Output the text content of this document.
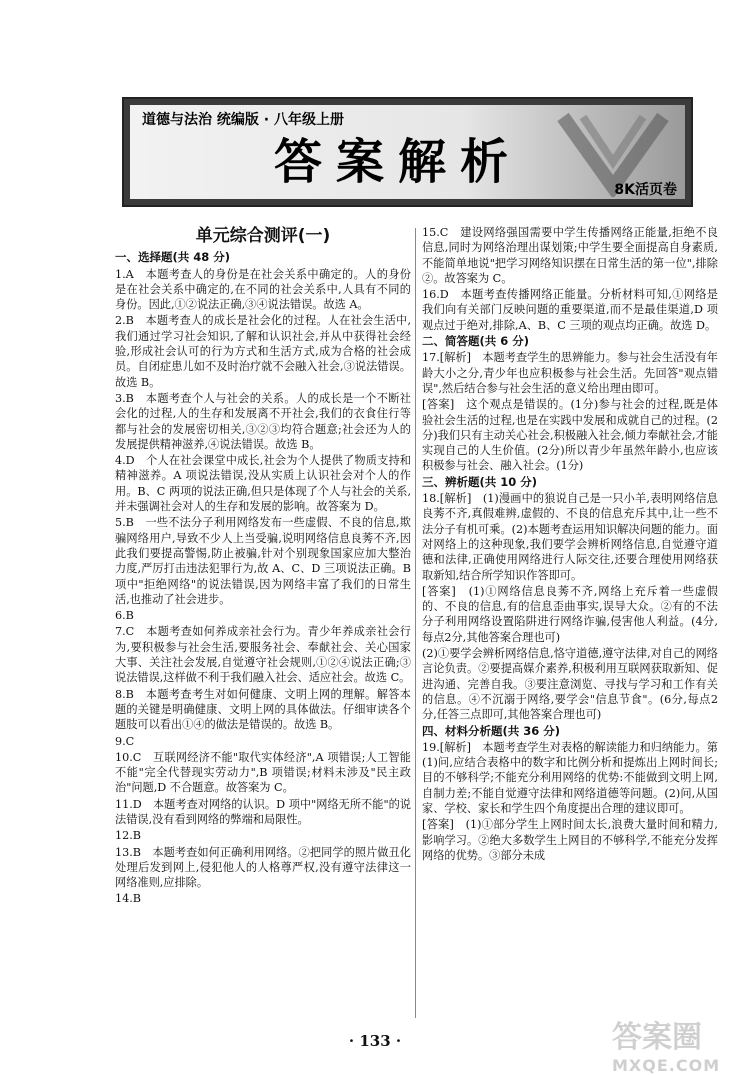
道德与法治 统编版 · 八年级上册
答案解析	8K活页卷
单元综合测评(一)
一、选择题(共 48 分)
1.A　本题考查人的身份是在社会关系中确定的。人的身份是在社会关系中确定的,在不同的社会关系中,人具有不同的身份。因此,①②说法正确,③④说法错误。故选 A。
2.B　本题考查人的成长是社会化的过程。人在社会生活中,我们通过学习社会知识,了解和认识社会,并从中获得社会经验,形成社会认可的行为方式和生活方式,成为合格的社会成员。自闭症患儿如不及时治疗就不会融入社会,③说法错误。故选 B。
3.B　本题考查个人与社会的关系。人的成长是一个不断社会化的过程,人的生存和发展离不开社会,我们的衣食住行等都与社会的发展密切相关,③②③均符合题意;社会还为人的发展提供精神滋养,④说法错误。故选 B。
4.D　个人在社会课堂中成长,社会为个人提供了物质支持和精神滋养。A 项说法错误,没从实质上认识社会对个人的作用。B、C 两项的说法正确,但只是体现了个人与社会的关系,并未强调社会对人的生存和发展的影响。故答案为 D。
5.B　一些不法分子利用网络发布一些虚假、不良的信息,欺骗网络用户,导致不少人上当受骗,说明网络信息良莠不齐,因此我们要提高警惕,防止被骗,针对个别现象国家应加大整治力度,严厉打击违法犯罪行为,故 A、C、D 三项说法正确。B 项中"拒绝网络"的说法错误,因为网络丰富了我们的日常生活,也推动了社会进步。
6.B
7.C　本题考查如何养成亲社会行为。青少年养成亲社会行为,要积极参与社会生活,要服务社会、奉献社会、关心国家大事、关注社会发展,自觉遵守社会规则,①②④说法正确;③说法错误,这样做不利于我们融入社会、适应社会。故选 C。
8.B　本题考查考生对如何健康、文明上网的理解。解答本题的关键是明确健康、文明上网的具体做法。仔细审读各个题肢可以看出①④的做法是错误的。故选 B。
9.C
10.C　互联网经济不能"取代实体经济",A 项错误;人工智能不能"完全代替现实劳动力",B 项错误;材料未涉及"民主政治"问题,D 不合题意。故答案为 C。
11.D　本题考查对网络的认识。D 项中"网络无所不能"的说法错误,没有看到网络的弊端和局限性。
12.B
13.B　本题考查如何正确利用网络。②把同学的照片做丑化处理后发到网上,侵犯他人的人格尊严权,没有遵守法律这一网络准则,应排除。
14.B
15.C　建设网络强国需要中学生传播网络正能量,拒绝不良信息,同时为网络治理出谋划策;中学生要全面提高自身素质,不能简单地说"把学习网络知识摆在日常生活的第一位",排除②。故答案为 C。
16.D　本题考查传播网络正能量。分析材料可知,①网络是我们向有关部门反映问题的重要渠道,而不是最佳渠道,D 项观点过于绝对,排除,A、B、C 三项的观点均正确。故选 D。
二、简答题(共 6 分)
17.[解析]　本题考查学生的思辨能力。参与社会生活没有年龄大小之分,青少年也应积极参与社会生活。先回答"观点错误",然后结合参与社会生活的意义给出理由即可。
[答案]　这个观点是错误的。(1分)参与社会的过程,既是体验社会生活的过程,也是在实践中发展和成就自己的过程。(2分)我们只有主动关心社会,积极融入社会,倾力奉献社会,才能实现自己的人生价值。(2分)所以青少年虽然年龄小,也应该积极参与社会、融入社会。(1分)
三、辨析题(共 10 分)
18.[解析]　(1)漫画中的狼说自己是一只小羊,表明网络信息良莠不齐,真假难辨,虚假的、不良的信息充斥其中,让一些不法分子有机可乘。(2)本题考查运用知识解决问题的能力。面对网络上的这种现象,我们要学会辨析网络信息,自觉遵守道德和法律,正确使用网络进行人际交往,还要合理使用网络获取新知,结合所学知识作答即可。
[答案]　(1)①网络信息良莠不齐,网络上充斥着一些虚假的、不良的信息,有的信息歪曲事实,误导大众。②有的不法分子利用网络设置陷阱进行网络诈骗,侵害他人利益。(4分,每点2分,其他答案合理也可)
(2)①要学会辨析网络信息,恪守道德,遵守法律,对自己的网络言论负责。②要提高媒介素养,积极利用互联网获取新知、促进沟通、完善自我。③要注意浏览、寻找与学习和工作有关的信息。④不沉溺于网络,要学会"信息节食"。(6分,每点2分,任答三点即可,其他答案合理也可)
四、材料分析题(共 36 分)
19.[解析]　本题考查学生对表格的解读能力和归纳能力。第(1)问,应结合表格中的数字和比例分析和提炼出上网时间长;目的不够科学;不能充分利用网络的优势:不能做到文明上网,自制力差;不能自觉遵守法律和网络道德等问题。(2)问,从国家、学校、家长和学生四个角度提出合理的建议即可。
[答案]　(1)①部分学生上网时间太长,浪费大量时间和精力,影响学习。②绝大多数学生上网目的不够科学,不能充分发挥网络的优势。③部分未成
· 133 ·	答案圈
MXQE.COM
